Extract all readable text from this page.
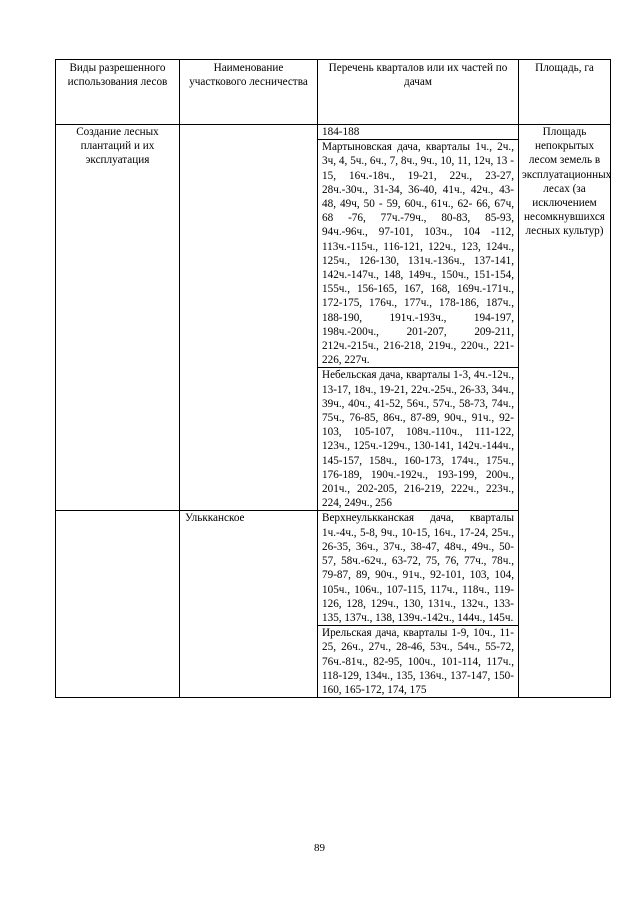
Виды разрешенного использования лесов	Наименование участкового лесничества	Перечень кварталов или их частей по дачам	Площадь, га
Создание лесных плантаций и их эксплуатация		184-188	Площадь непокрытых лесом земель в эксплуатационных лесах (за исключением несомкнувшихся лесных культур)
		Мартыновская дача, кварталы 1ч., 2ч., 3ч, 4, 5ч., 6ч., 7, 8ч., 9ч., 10, 11, 12ч, 13 - 15, 16ч.-18ч., 19-21, 22ч., 23-27, 28ч.-30ч., 31-34, 36-40, 41ч., 42ч., 43- 48, 49ч, 50 - 59, 60ч., 61ч., 62- 66, 67ч, 68 -76, 77ч.-79ч., 80-83, 85-93, 94ч.-96ч., 97-101, 103ч., 104 -112, 113ч.-115ч., 116-121, 122ч., 123, 124ч., 125ч., 126-130, 131ч.-136ч., 137-141, 142ч.-147ч., 148, 149ч., 150ч., 151-154, 155ч., 156-165, 167, 168, 169ч.-171ч., 172-175, 176ч., 177ч., 178-186, 187ч., 188-190, 191ч.-193ч., 194-197, 198ч.-200ч., 201-207, 209-211, 212ч.-215ч., 216-218, 219ч., 220ч., 221-226, 227ч.	
		Небельская дача, кварталы 1-3, 4ч.-12ч., 13-17, 18ч., 19-21, 22ч.-25ч., 26-33, 34ч., 39ч., 40ч., 41-52, 56ч., 57ч., 58-73, 74ч., 75ч., 76-85, 86ч., 87-89, 90ч., 91ч., 92-103, 105-107, 108ч.-110ч., 111-122, 123ч., 125ч.-129ч., 130-141, 142ч.-144ч., 145-157, 158ч., 160-173, 174ч., 175ч., 176-189, 190ч.-192ч., 193-199, 200ч., 201ч., 202-205, 216-219, 222ч., 223ч., 224, 249ч., 256	
	Улькканское	Верхнеулькканская дача, кварталы 1ч.-4ч., 5-8, 9ч., 10-15, 16ч., 17-24, 25ч., 26-35, 36ч., 37ч., 38-47, 48ч., 49ч., 50-57, 58ч.-62ч., 63-72, 75, 76, 77ч., 78ч., 79-87, 89, 90ч., 91ч., 92-101, 103, 104, 105ч., 106ч., 107-115, 117ч., 118ч., 119-126, 128, 129ч., 130, 131ч., 132ч., 133-135, 137ч., 138, 139ч.-142ч., 144ч., 145ч.	
		Ирельская дача, кварталы 1-9, 10ч., 11-25, 26ч., 27ч., 28-46, 53ч., 54ч., 55-72, 76ч.-81ч., 82-95, 100ч., 101-114, 117ч., 118-129, 134ч., 135, 136ч., 137-147, 150-160, 165-172, 174, 175	
89
